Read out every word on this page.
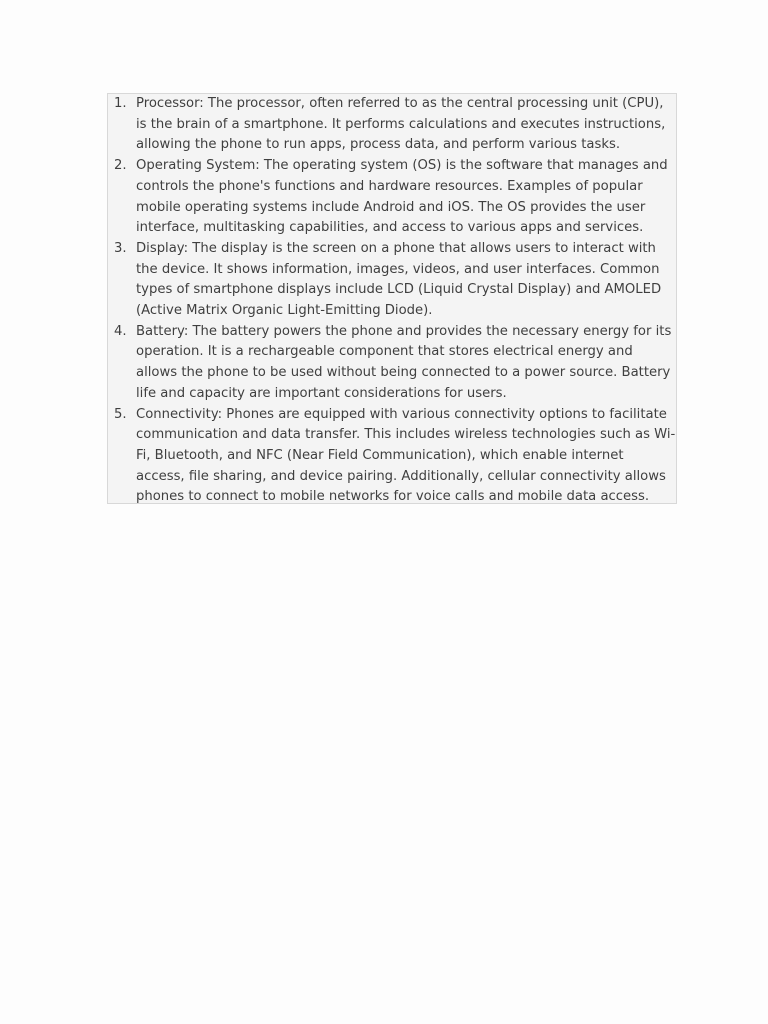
1. Processor: The processor, often referred to as the central processing unit (CPU), is the brain of a smartphone. It performs calculations and executes instructions, allowing the phone to run apps, process data, and perform various tasks.
2. Operating System: The operating system (OS) is the software that manages and controls the phone's functions and hardware resources. Examples of popular mobile operating systems include Android and iOS. The OS provides the user interface, multitasking capabilities, and access to various apps and services.
3. Display: The display is the screen on a phone that allows users to interact with the device. It shows information, images, videos, and user interfaces. Common types of smartphone displays include LCD (Liquid Crystal Display) and AMOLED (Active Matrix Organic Light-Emitting Diode).
4. Battery: The battery powers the phone and provides the necessary energy for its operation. It is a rechargeable component that stores electrical energy and allows the phone to be used without being connected to a power source. Battery life and capacity are important considerations for users.
5. Connectivity: Phones are equipped with various connectivity options to facilitate communication and data transfer. This includes wireless technologies such as Wi-Fi, Bluetooth, and NFC (Near Field Communication), which enable internet access, file sharing, and device pairing. Additionally, cellular connectivity allows phones to connect to mobile networks for voice calls and mobile data access.
